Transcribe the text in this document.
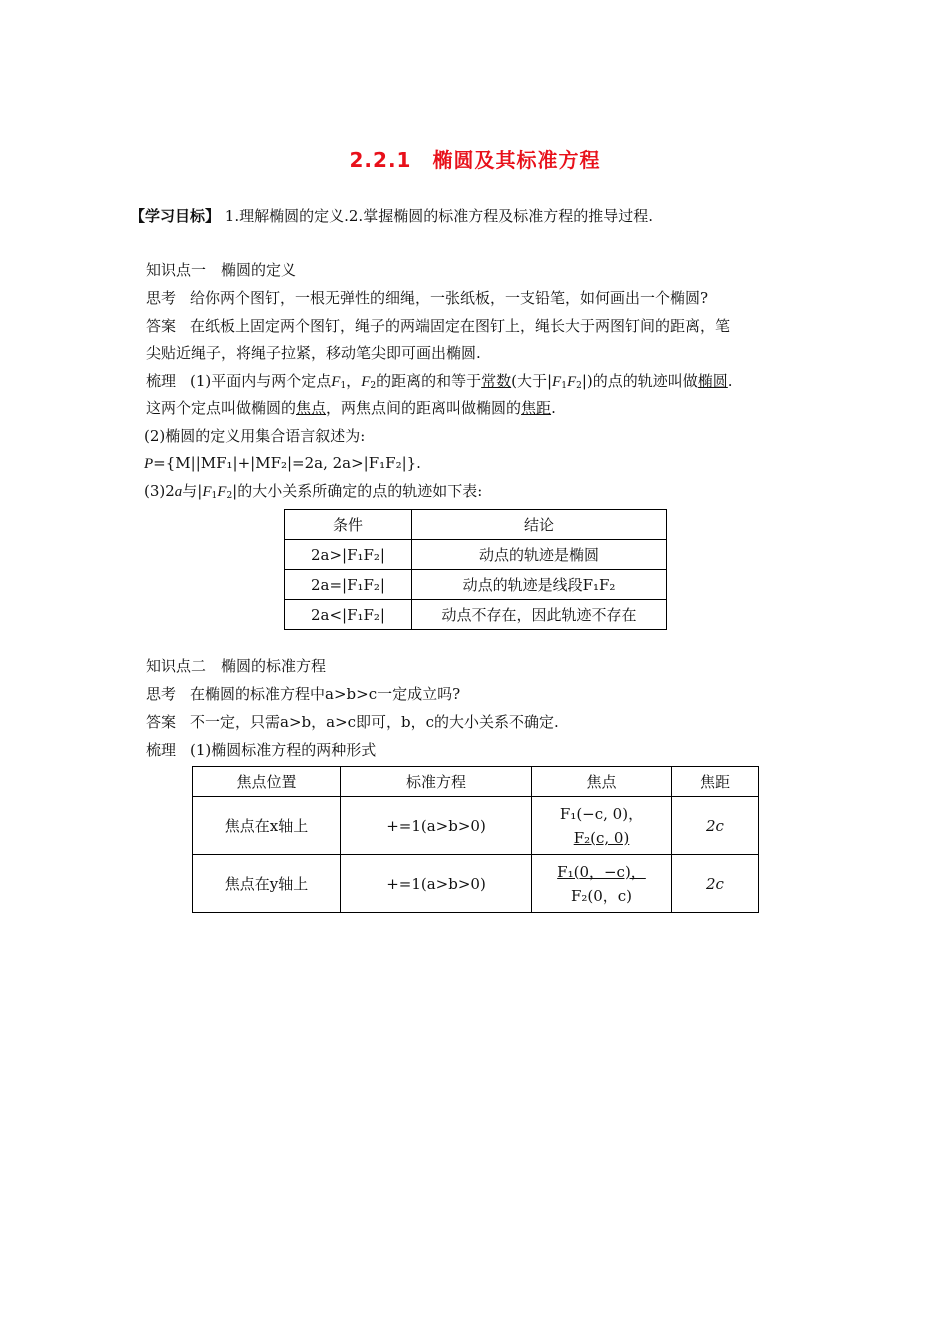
2.2.1　椭圆及其标准方程
【学习目标】 1.理解椭圆的定义.2.掌握椭圆的标准方程及标准方程的推导过程.
知识点一　椭圆的定义
思考 给你两个图钉，一根无弹性的细绳，一张纸板，一支铅笔，如何画出一个椭圆?
答案 在纸板上固定两个图钉，绳子的两端固定在图钉上，绳长大于两图钉间的距离，笔
尖贴近绳子，将绳子拉紧，移动笔尖即可画出椭圆.
梳理 (1)平面内与两个定点$F_1$，$F_2$的距离的和等于常数(大于$|F_1F_2|$)的点的轨迹叫做椭圆.
这两个定点叫做椭圆的焦点，两焦点间的距离叫做椭圆的焦距.
(2)椭圆的定义用集合语言叙述为:
P={M||MF₁|+|MF₂|=2a, 2a>|F₁F₂|}.
(3)2a与$|F_1F_2|$的大小关系所确定的点的轨迹如下表:
条件	结论
2a>|F₁F₂|	动点的轨迹是椭圆
2a=|F₁F₂|	动点的轨迹是线段F₁F₂
2a<|F₁F₂|	动点不存在，因此轨迹不存在
知识点二　椭圆的标准方程
思考 在椭圆的标准方程中a>b>c一定成立吗?
答案 不一定，只需a>b，a>c即可，b，c的大小关系不确定.
梳理 (1)椭圆标准方程的两种形式
焦点位置	标准方程	焦点	焦距
焦点在x轴上	+=1(a>b>0)	F₁(−c, 0)，
F₂(c, 0)	2c
焦点在y轴上	+=1(a>b>0)	F₁(0，−c)，
F₂(0，c)	2c
